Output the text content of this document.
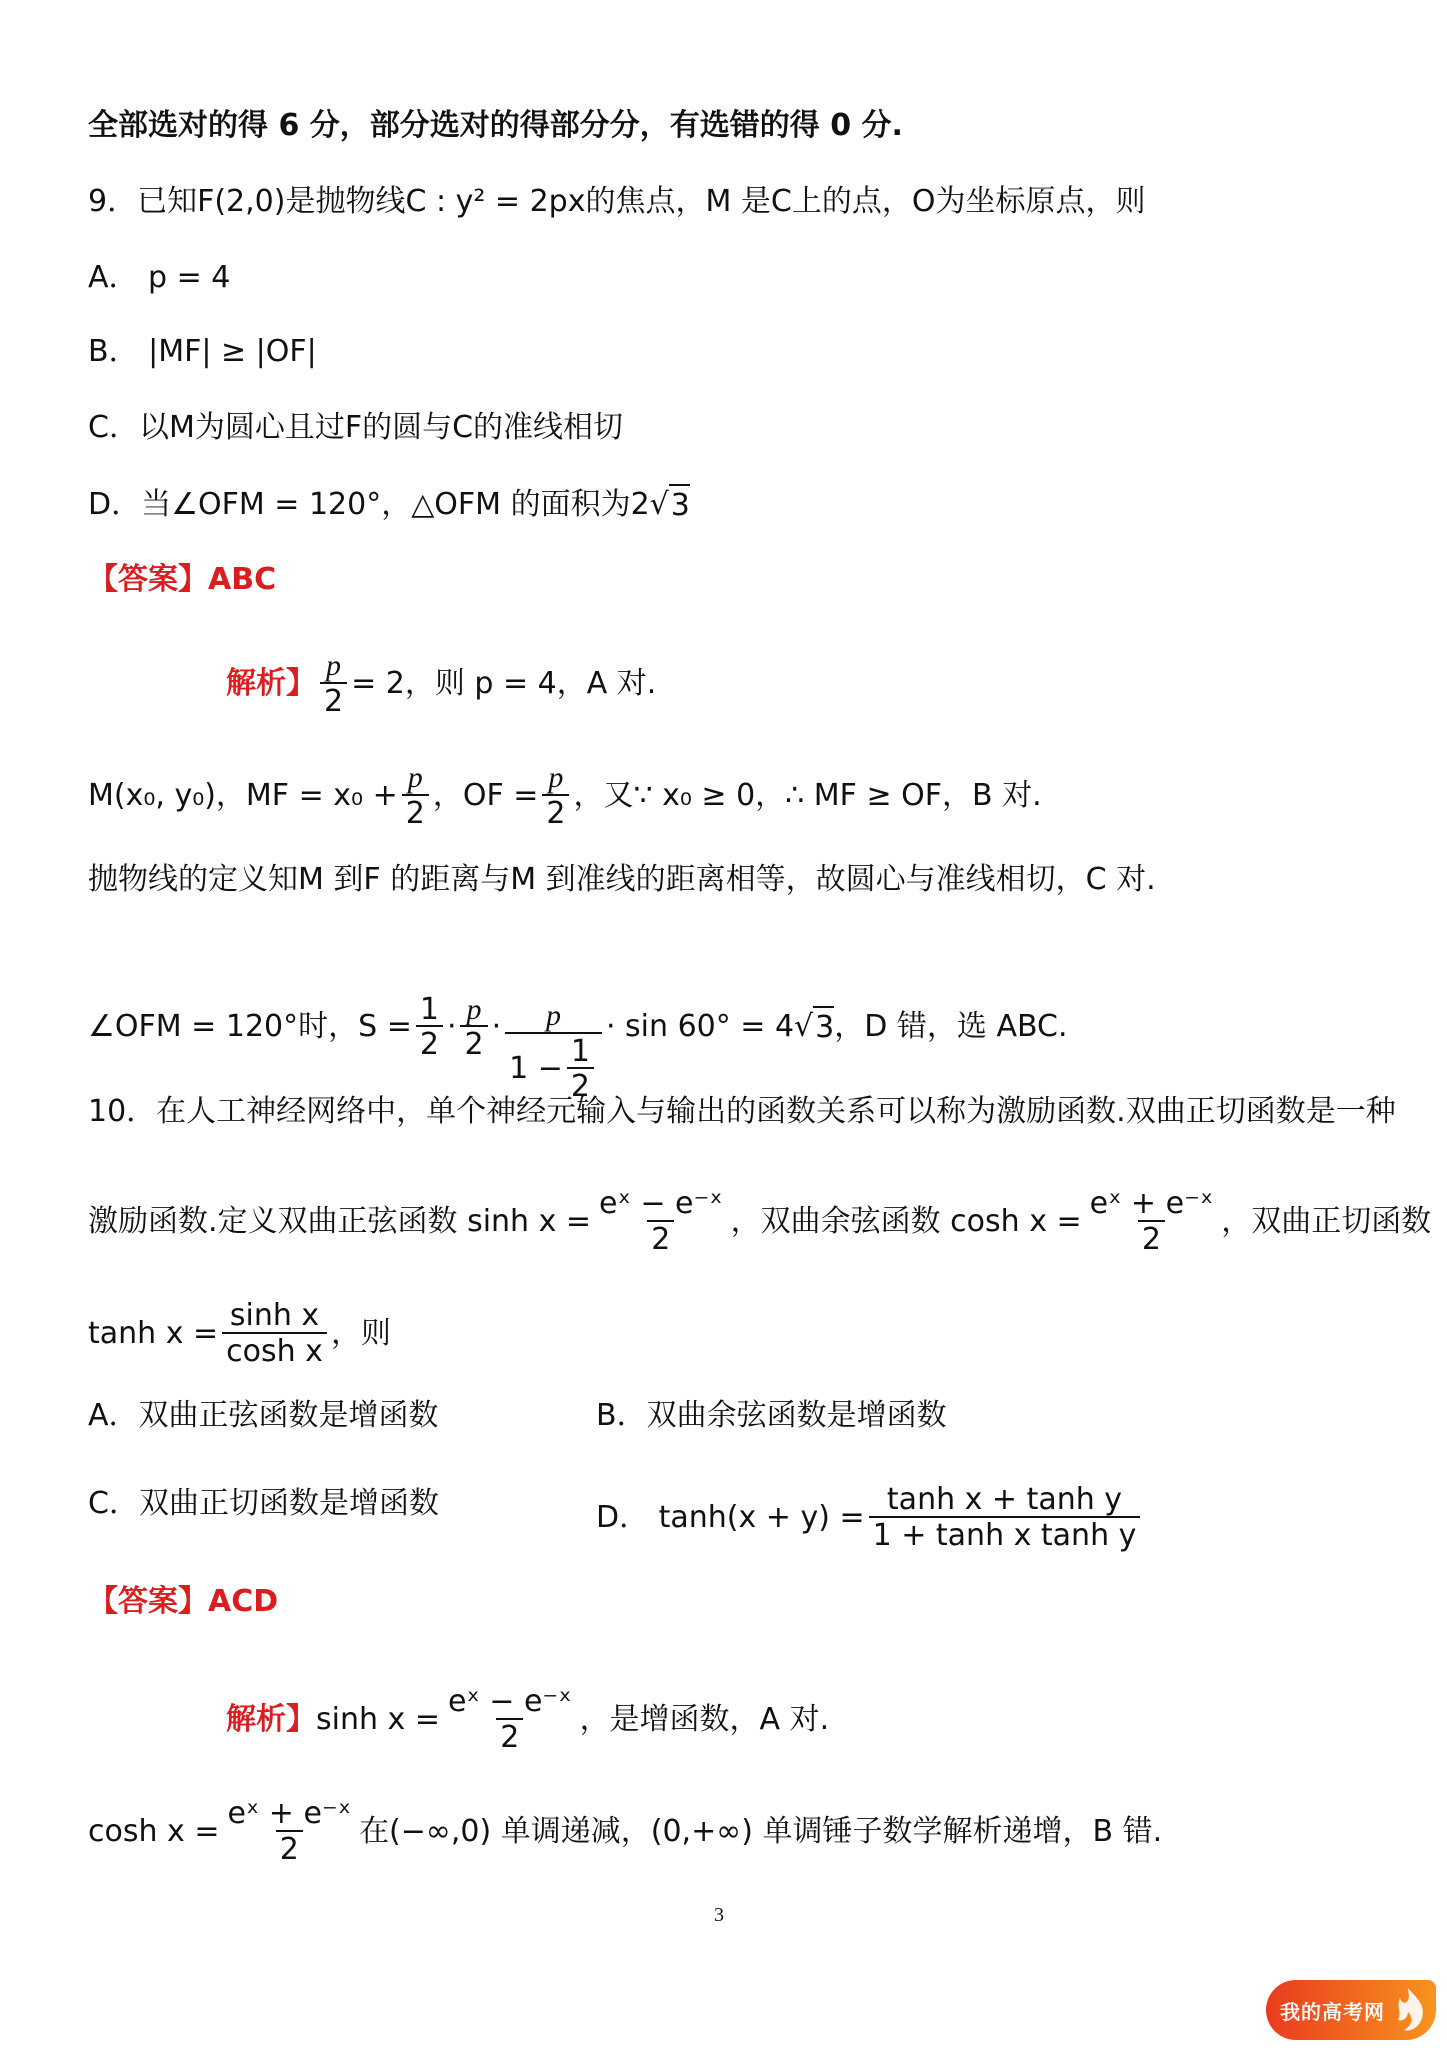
全部选对的得 6 分，部分选对的得部分分，有选错的得 0 分.
9．已知F(2,0)是抛物线C : y² = 2px的焦点，M 是C上的点，O为坐标原点，则
A． p = 4
B． |MF| ≥ |OF|
C．以M为圆心且过F的圆与C的准线相切
D．当∠OFM = 120°，△OFM 的面积为2 √ 3
【答案】ABC
解析】 $\frac{p}{2} = 2$，则 p = 4，A 对.
M(x₀, y₀)，MF = $x_0 + \frac{p}{2}$ ，OF = $\frac{p}{2}$ ，又∵ x₀ ≥ 0，∴ MF ≥ OF，B 对.
抛物线的定义知M 到F 的距离与M 到准线的距离相等，故圆心与准线相切，C 对.
∠OFM = 120°时，$S = \frac{1}{2} \cdot \frac{p}{2} \cdot \frac{p}{1 - \frac{1}{2}} \cdot \sin 60^\circ = 4$ √ 3 ，D 错，选 ABC.
10．在人工神经网络中，单个神经元输入与输出的函数关系可以称为激励函数.双曲正切函数是一种
激励函数.定义双曲正弦函数 $\sinh x = \frac{\text{eˣ − e⁻ˣ}}{2}$ ，双曲余弦函数 $\cosh x = \frac{\text{eˣ + e⁻ˣ}}{2}$ ，双曲正切函数
$\tanh x = \frac{\text{sinh x}}{\text{cosh x}}$ ，则
A．双曲正弦函数是增函数	B．双曲余弦函数是增函数
C．双曲正切函数是增函数	D． $\tanh(x + y) = \frac{\text{tanh x + tanh y}}{\text{1 + tanh x tanh y}}$
【答案】ACD
解析】 $\sinh x = \frac{\text{eˣ − e⁻ˣ}}{2}$ ，是增函数，A 对.
$\cosh x = \frac{\text{eˣ + e⁻ˣ}}{2}$ 在(−∞,0) 单调递减，(0,+∞) 单调锤子数学解析递增，B 错.
3
我的高考网
